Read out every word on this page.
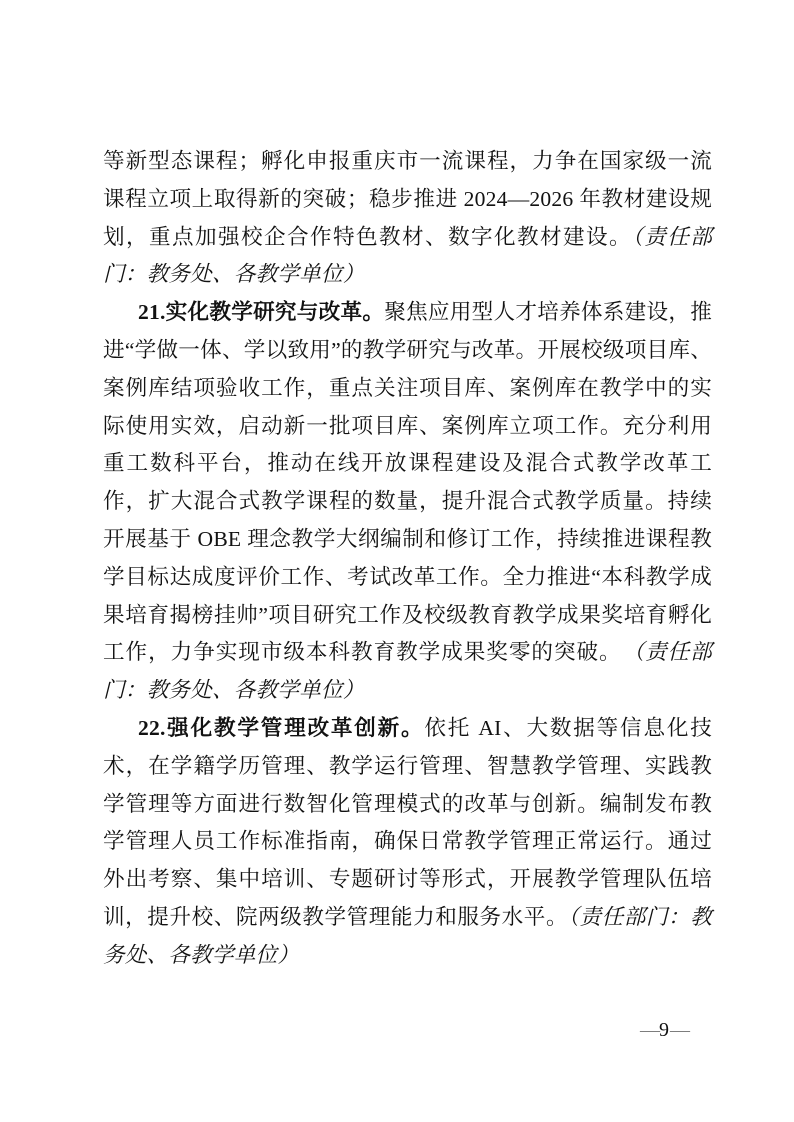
等新型态课程；孵化申报重庆市一流课程，力争在国家级一流课程立项上取得新的突破；稳步推进 2024—2026 年教材建设规划，重点加强校企合作特色教材、数字化教材建设。（责任部门：教务处、各教学单位）

21.实化教学研究与改革。聚焦应用型人才培养体系建设，推进“学做一体、学以致用”的教学研究与改革。开展校级项目库、案例库结项验收工作，重点关注项目库、案例库在教学中的实际使用实效，启动新一批项目库、案例库立项工作。充分利用重工数科平台，推动在线开放课程建设及混合式教学改革工作，扩大混合式教学课程的数量，提升混合式教学质量。持续开展基于 OBE 理念教学大纲编制和修订工作，持续推进课程教学目标达成度评价工作、考试改革工作。全力推进“本科教学成果培育揭榜挂帅”项目研究工作及校级教育教学成果奖培育孵化工作，力争实现市级本科教育教学成果奖零的突破。　（责任部门：教务处、各教学单位）

22.强化教学管理改革创新。依托 AI、大数据等信息化技术，在学籍学历管理、教学运行管理、智慧教学管理、实践教学管理等方面进行数智化管理模式的改革与创新。编制发布教学管理人员工作标准指南，确保日常教学管理正常运行。通过外出考察、集中培训、专题研讨等形式，开展教学管理队伍培训，提升校、院两级教学管理能力和服务水平。（责任部门：教务处、各教学单位）

—9—
